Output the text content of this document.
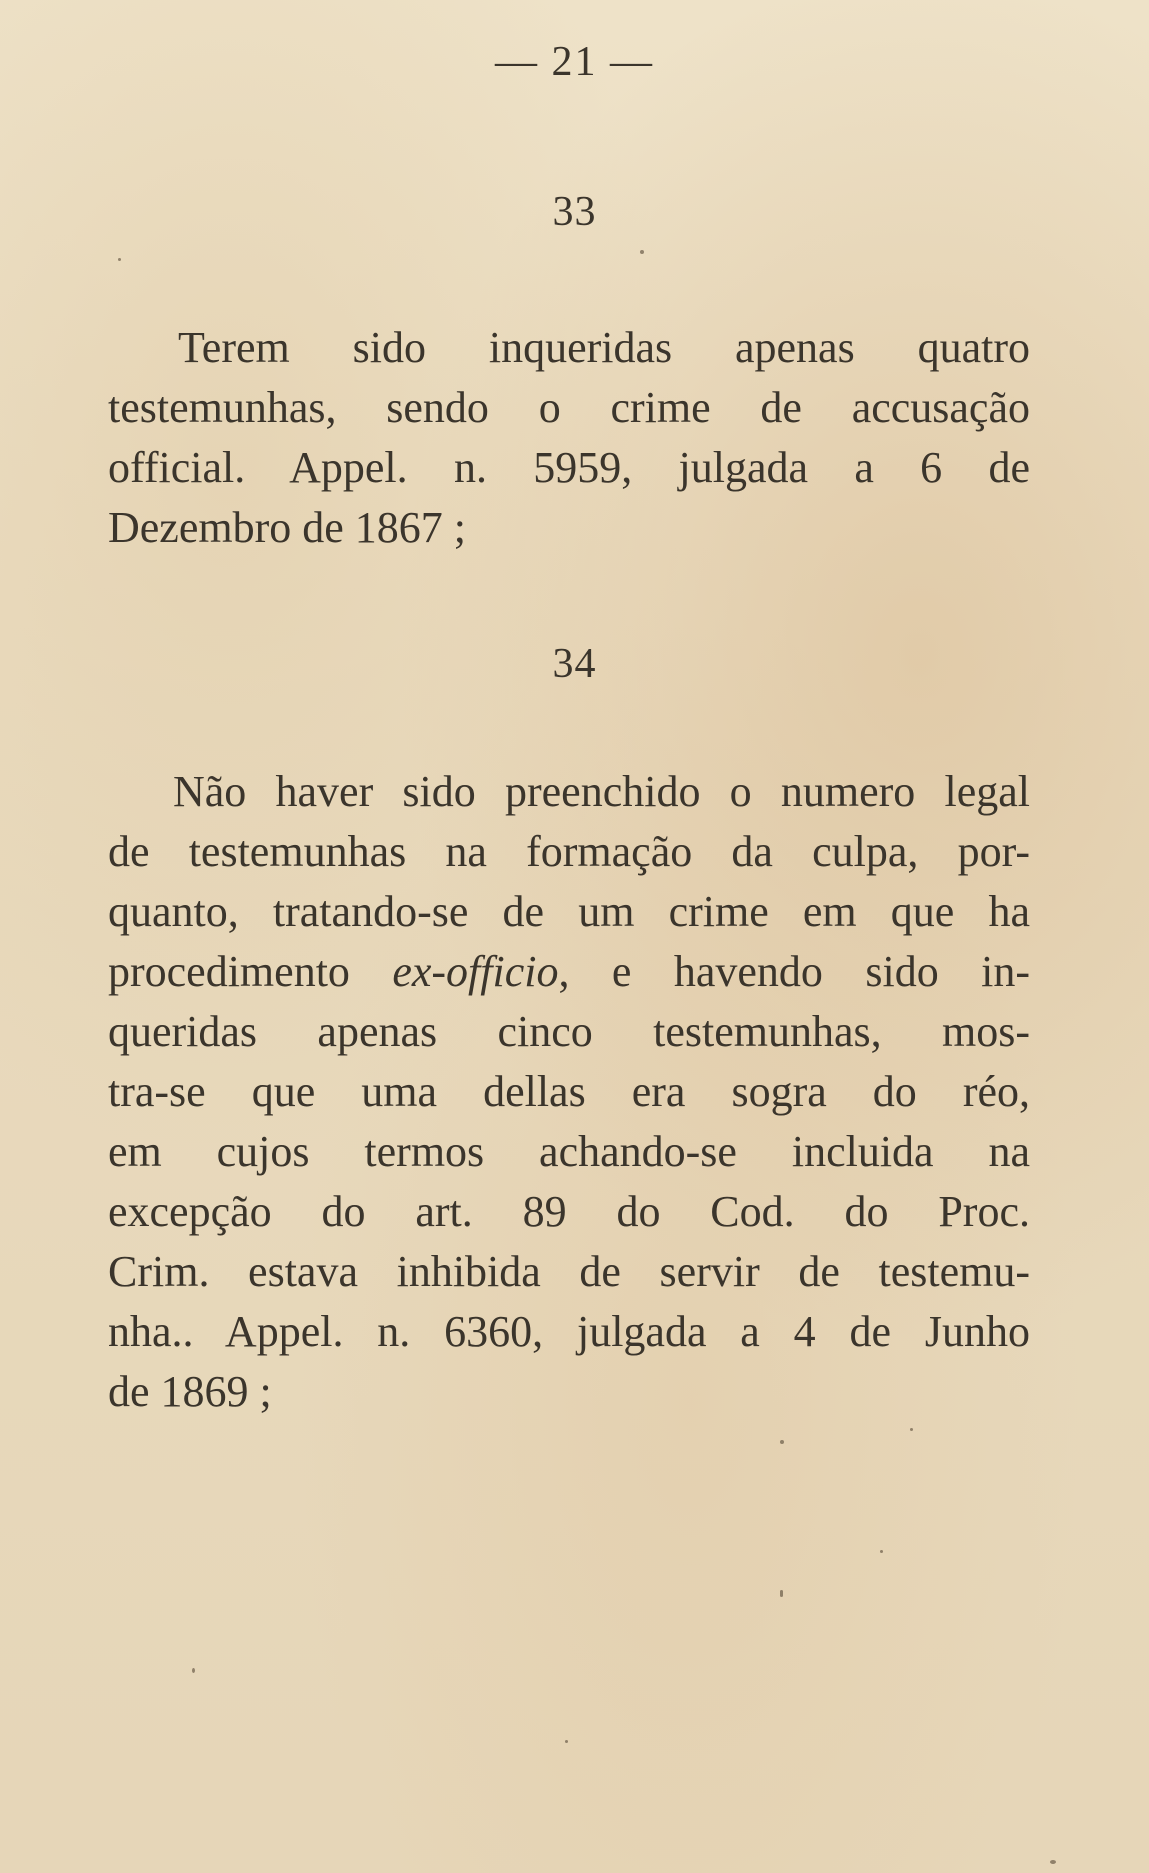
— 21 —
33
Terem sido inqueridas apenas quatro
testemunhas, sendo o crime de accusação
official. Appel. n. 5959, julgada a 6 de
Dezembro de 1867 ;
34
Não haver sido preenchido o numero legal
de testemunhas na formação da culpa, por-
quanto, tratando-se de um crime em que ha
procedimento ex-officio, e havendo sido in-
queridas apenas cinco testemunhas, mos-
tra-se que uma dellas era sogra do réo,
em cujos termos achando-se incluida na
excepção do art. 89 do Cod. do Proc.
Crim. estava inhibida de servir de testemu-
nha.. Appel. n. 6360, julgada a 4 de Junho
de 1869 ;
